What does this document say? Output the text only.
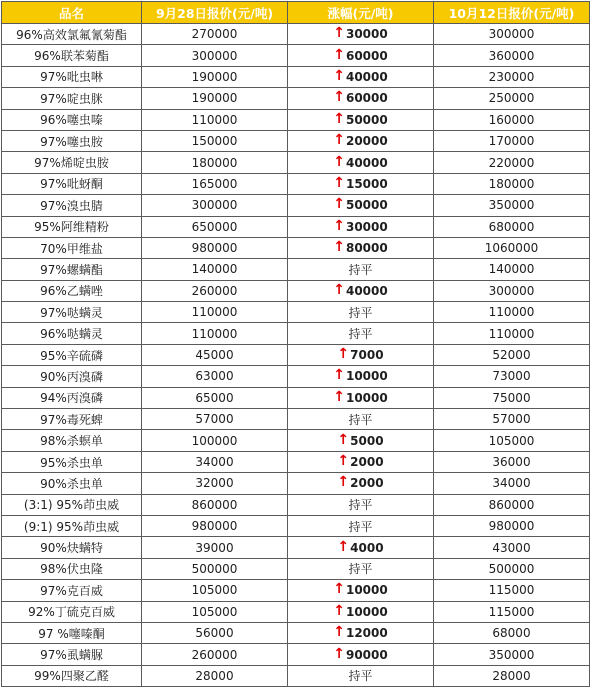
品名	9月28日报价(元/吨)	涨幅(元/吨)	10月12日报价(元/吨)
96%高效氯氟氰菊酯	270000	↑30000	300000
96%联苯菊酯	300000	↑60000	360000
97%吡虫啉	190000	↑40000	230000
97%啶虫脒	190000	↑60000	250000
96%噻虫嗪	110000	↑50000	160000
97%噻虫胺	150000	↑20000	170000
97%烯啶虫胺	180000	↑40000	220000
97%吡蚜酮	165000	↑15000	180000
97%溴虫腈	300000	↑50000	350000
95%阿维精粉	650000	↑30000	680000
70%甲维盐	980000	↑80000	1060000
97%螺螨酯	140000	持平	140000
96%乙螨唑	260000	↑40000	300000
97%哒螨灵	110000	持平	110000
96%哒螨灵	110000	持平	110000
95%辛硫磷	45000	↑7000	52000
90%丙溴磷	63000	↑10000	73000
94%丙溴磷	65000	↑10000	75000
97%毒死蜱	57000	持平	57000
98%杀螟单	100000	↑5000	105000
95%杀虫单	34000	↑2000	36000
90%杀虫单	32000	↑2000	34000
(3:1) 95%茚虫威	860000	持平	860000
(9:1) 95%茚虫威	980000	持平	980000
90%炔螨特	39000	↑4000	43000
98%伏虫隆	500000	持平	500000
97%克百威	105000	↑10000	115000
92%丁硫克百威	105000	↑10000	115000
97 %噻嗪酮	56000	↑12000	68000
97%虱螨脲	260000	↑90000	350000
99%四聚乙醛	28000	持平	28000
